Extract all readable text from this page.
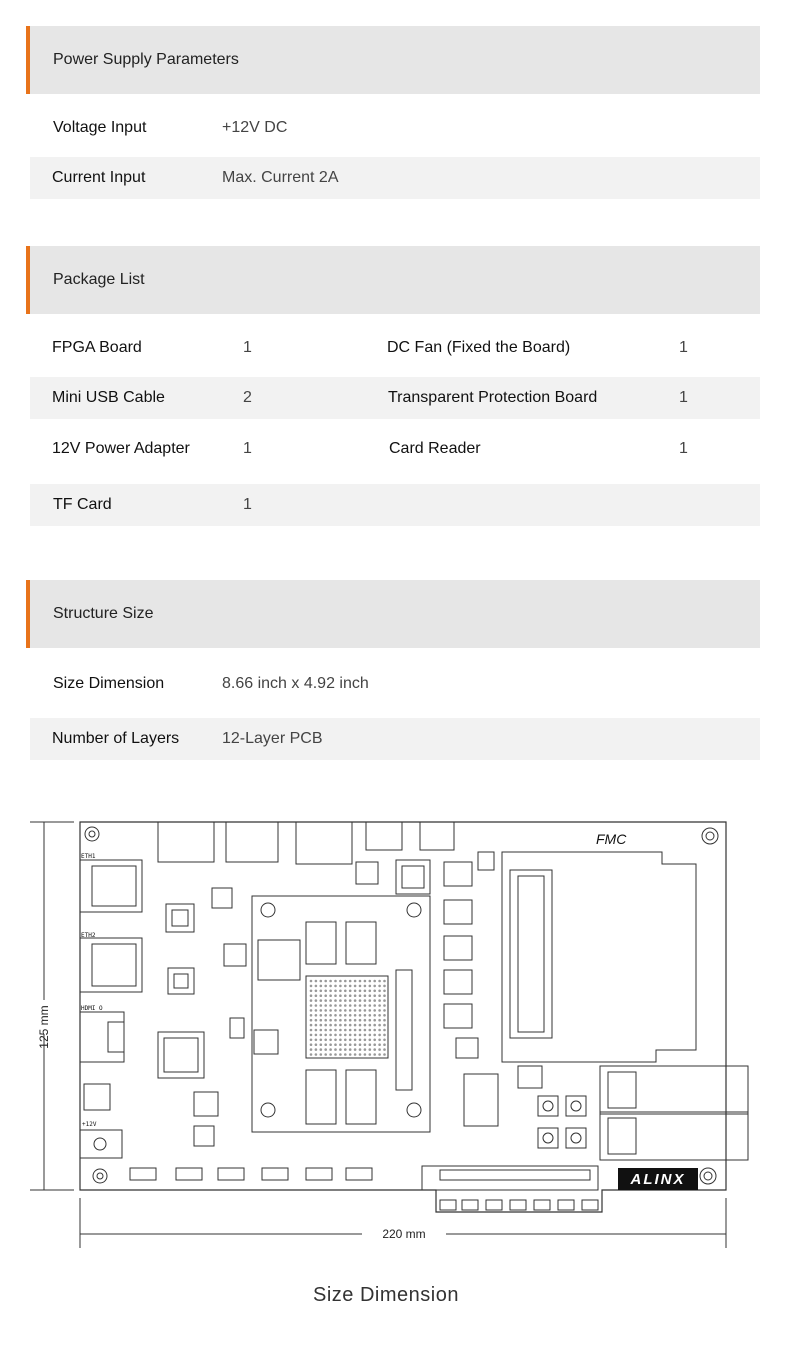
Power Supply Parameters
Voltage Input	+12V DC
Current Input	Max. Current 2A
Package List
FPGA Board	1	DC Fan (Fixed the Board)	1
Mini USB Cable	2	Transparent Protection Board	1
12V Power Adapter	1	Card Reader	1
TF Card	1
Structure Size
Size Dimension	8.66 inch x 4.92 inch
Number of Layers	12-Layer PCB
ALINX
FMC
ETH1
ETH2
HDMI O
+12V
220 mm
125 mm
Size Dimension
